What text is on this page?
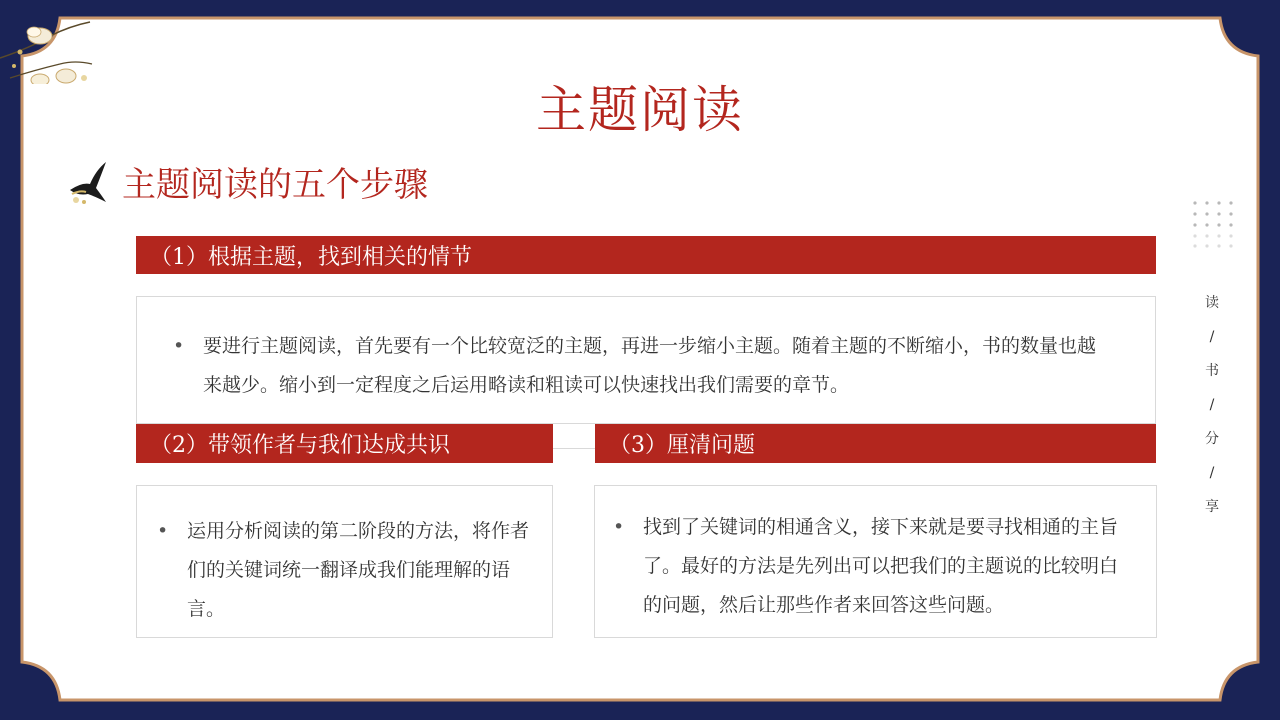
主题阅读
主题阅读的五个步骤
（1）根据主题，找到相关的情节
• 要进行主题阅读，首先要有一个比较宽泛的主题，再进一步缩小主题。随着主题的不断缩小，书的数量也越来越少。缩小到一定程度之后运用略读和粗读可以快速找出我们需要的章节。

（2）带领作者与我们达成共识
• 运用分析阅读的第二阶段的方法，将作者们的关键词统一翻译成我们能理解的语言。

（3）厘清问题
• 找到了关键词的相通含义，接下来就是要寻找相通的主旨了。最好的方法是先列出可以把我们的主题说的比较明白的问题，然后让那些作者来回答这些问题。

读
/
书
/
分
/
享
